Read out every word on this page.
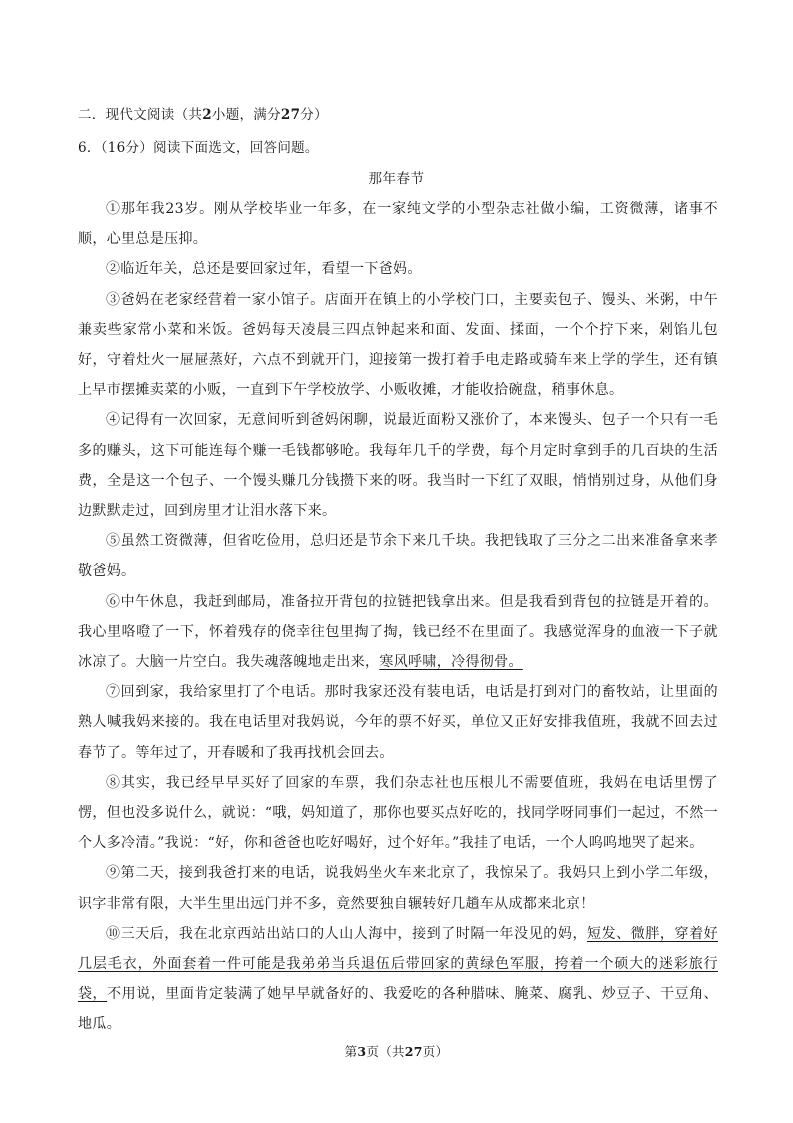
二．现代文阅读（共2小题，满分27分）
6．（16分）阅读下面选文，回答问题。
那年春节

①那年我23岁。刚从学校毕业一年多，在一家纯文学的小型杂志社做小编，工资微薄，诸事不顺，心里总是压抑。

②临近年关，总还是要回家过年，看望一下爸妈。

③爸妈在老家经营着一家小馆子。店面开在镇上的小学校门口，主要卖包子、馒头、米粥，中午兼卖些家常小菜和米饭。爸妈每天凌晨三四点钟起来和面、发面、揉面，一个个拧下来，剁馅儿包好，守着灶火一屉屉蒸好，六点不到就开门，迎接第一拨打着手电走路或骑车来上学的学生，还有镇上早市摆摊卖菜的小贩，一直到下午学校放学、小贩收摊，才能收拾碗盘，稍事休息。

④记得有一次回家，无意间听到爸妈闲聊，说最近面粉又涨价了，本来馒头、包子一个只有一毛多的赚头，这下可能连每个赚一毛钱都够呛。我每年几千的学费，每个月定时拿到手的几百块的生活费，全是这一个包子、一个馒头赚几分钱攒下来的呀。我当时一下红了双眼，悄悄别过身，从他们身边默默走过，回到房里才让泪水落下来。

⑤虽然工资微薄，但省吃俭用，总归还是节余下来几千块。我把钱取了三分之二出来准备拿来孝敬爸妈。

⑥中午休息，我赶到邮局，准备拉开背包的拉链把钱拿出来。但是我看到背包的拉链是开着的。我心里咯噔了一下，怀着残存的侥幸往包里掏了掏，钱已经不在里面了。我感觉浑身的血液一下子就冰凉了。大脑一片空白。我失魂落魄地走出来，寒风呼啸，冷得彻骨。

⑦回到家，我给家里打了个电话。那时我家还没有装电话，电话是打到对门的畜牧站，让里面的熟人喊我妈来接的。我在电话里对我妈说，今年的票不好买，单位又正好安排我值班，我就不回去过春节了。等年过了，开春暖和了我再找机会回去。

⑧其实，我已经早早买好了回家的车票，我们杂志社也压根儿不需要值班，我妈在电话里愣了愣，但也没多说什么，就说：“哦，妈知道了，那你也要买点好吃的，找同学呀同事们一起过，不然一个人多冷清。”我说：“好，你和爸爸也吃好喝好，过个好年。”我挂了电话，一个人呜呜地哭了起来。

⑨第二天，接到我爸打来的电话，说我妈坐火车来北京了，我惊呆了。我妈只上到小学二年级，识字非常有限，大半生里出远门并不多，竟然要独自辗转好几趟车从成都来北京！

⑩三天后，我在北京西站出站口的人山人海中，接到了时隔一年没见的妈，短发、微胖，穿着好几层毛衣，外面套着一件可能是我弟弟当兵退伍后带回家的黄绿色军服，挎着一个硕大的迷彩旅行袋，不用说，里面肯定装满了她早早就备好的、我爱吃的各种腊味、腌菜、腐乳、炒豆子、干豆角、地瓜。

第3页（共27页）
